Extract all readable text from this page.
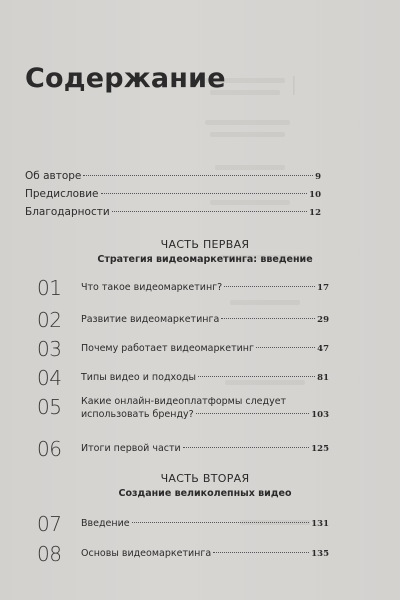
Ⅰ
Содержание
Об авторе	9
Предисловие	10
Благодарности	12
ЧАСТЬ ПЕРВАЯ
Стратегия видеомаркетинга: введение
01 Что такое видеомаркетинг?	17
02 Развитие видеомаркетинга	29
03 Почему работает видеомаркетинг	47
04 Типы видео и подходы	81
05 Какие онлайн-видеоплатформы следует
использовать бренду?	103
06 Итоги первой части	125
ЧАСТЬ ВТОРАЯ
Создание великолепных видео
07 Введение	131
08 Основы видеомаркетинга	135
